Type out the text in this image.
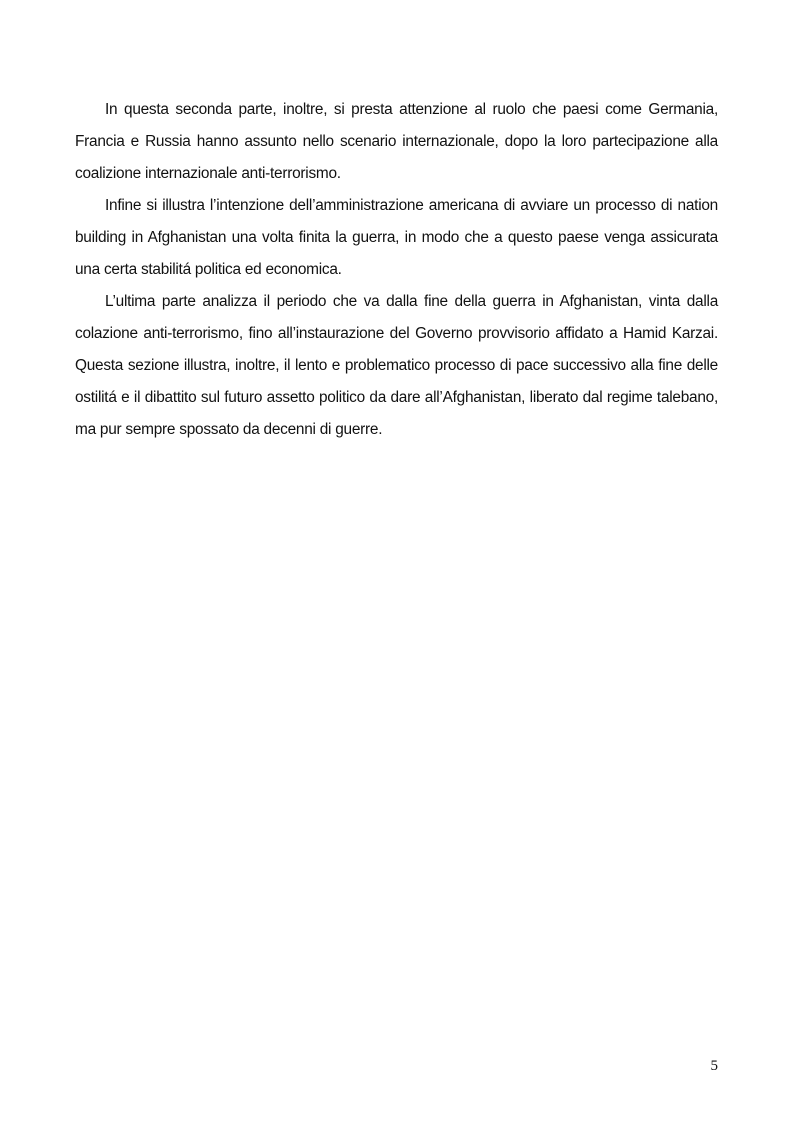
In questa seconda parte, inoltre, si presta attenzione al ruolo che paesi come Germania, Francia e Russia hanno assunto nello scenario internazionale, dopo la loro partecipazione alla coalizione internazionale anti-terrorismo.

Infine si illustra l’intenzione dell’amministrazione americana di avviare un processo di nation building in Afghanistan una volta finita la guerra, in modo che a questo paese venga assicurata una certa stabilitá politica ed economica.

L’ultima parte analizza il periodo che va dalla fine della guerra in Afghanistan, vinta dalla colazione anti-terrorismo, fino all’instaurazione del Governo provvisorio affidato a Hamid Karzai. Questa sezione illustra, inoltre, il lento e problematico processo di pace successivo alla fine delle ostilitá e il dibattito sul futuro assetto politico da dare all’Afghanistan, liberato dal regime talebano, ma pur sempre spossato da decenni di guerre.

5
